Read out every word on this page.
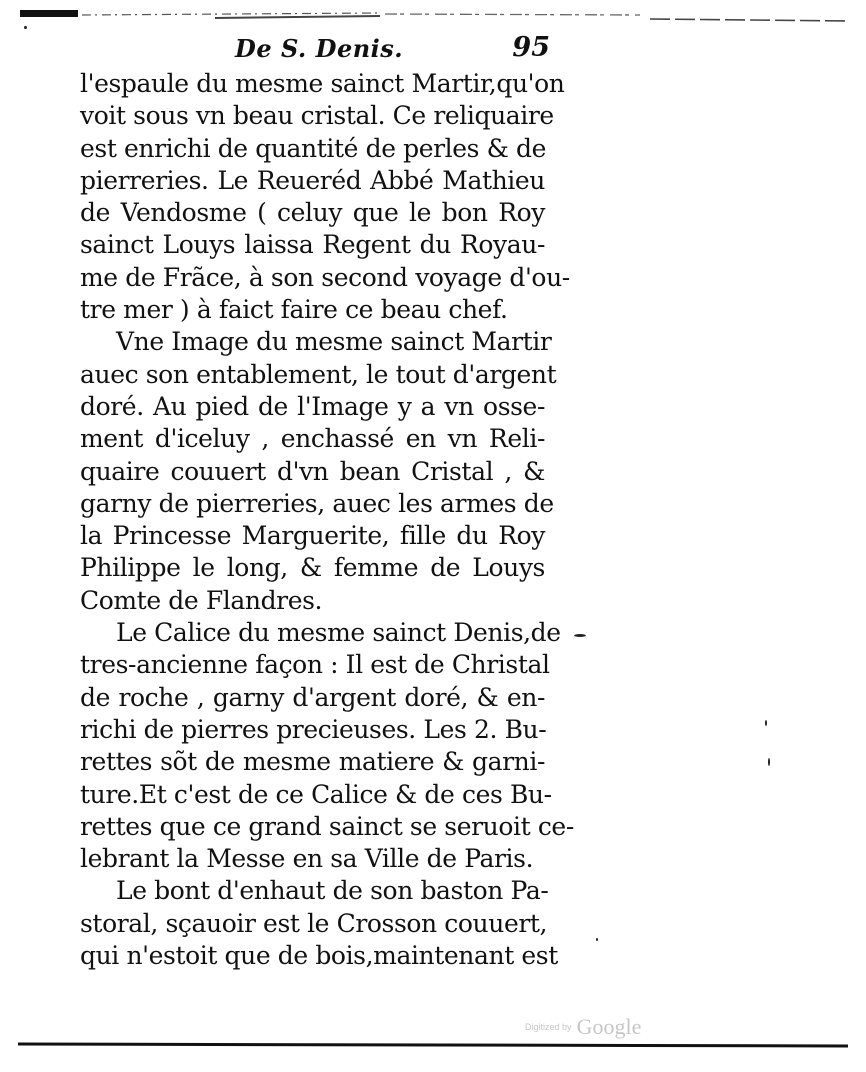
De S. Denis.	95
l'espaule du mesme sainct Martir,qu'on
voit sous vn beau cristal. Ce reliquaire
est enrichi de quantité de perles & de
pierreries. Le Reueréd Abbé Mathieu
de Vendosme ( celuy que le bon Roy
sainct Louys laissa Regent du Royau-
me de Frãce, à son second voyage d'ou-
tre mer ) à faict faire ce beau chef.
Vne Image du mesme sainct Martir
auec son entablement, le tout d'argent
doré. Au pied de l'Image y a vn osse-
ment d'iceluy , enchassé en vn Reli-
quaire couuert d'vn bean Cristal , &
garny de pierreries, auec les armes de
la Princesse Marguerite, fille du Roy
Philippe le long, & femme de Louys
Comte de Flandres.
Le Calice du mesme sainct Denis,de
tres-ancienne façon : Il est de Christal
de roche , garny d'argent doré, & en-
richi de pierres precieuses. Les 2. Bu-
rettes sõt de mesme matiere & garni-
ture.Et c'est de ce Calice & de ces Bu-
rettes que ce grand sainct se seruoit ce-
lebrant la Messe en sa Ville de Paris.
Le bont d'enhaut de son baston Pa-
storal, sçauoir est le Crosson couuert,
qui n'estoit que de bois,maintenant est
Digitized by Google
